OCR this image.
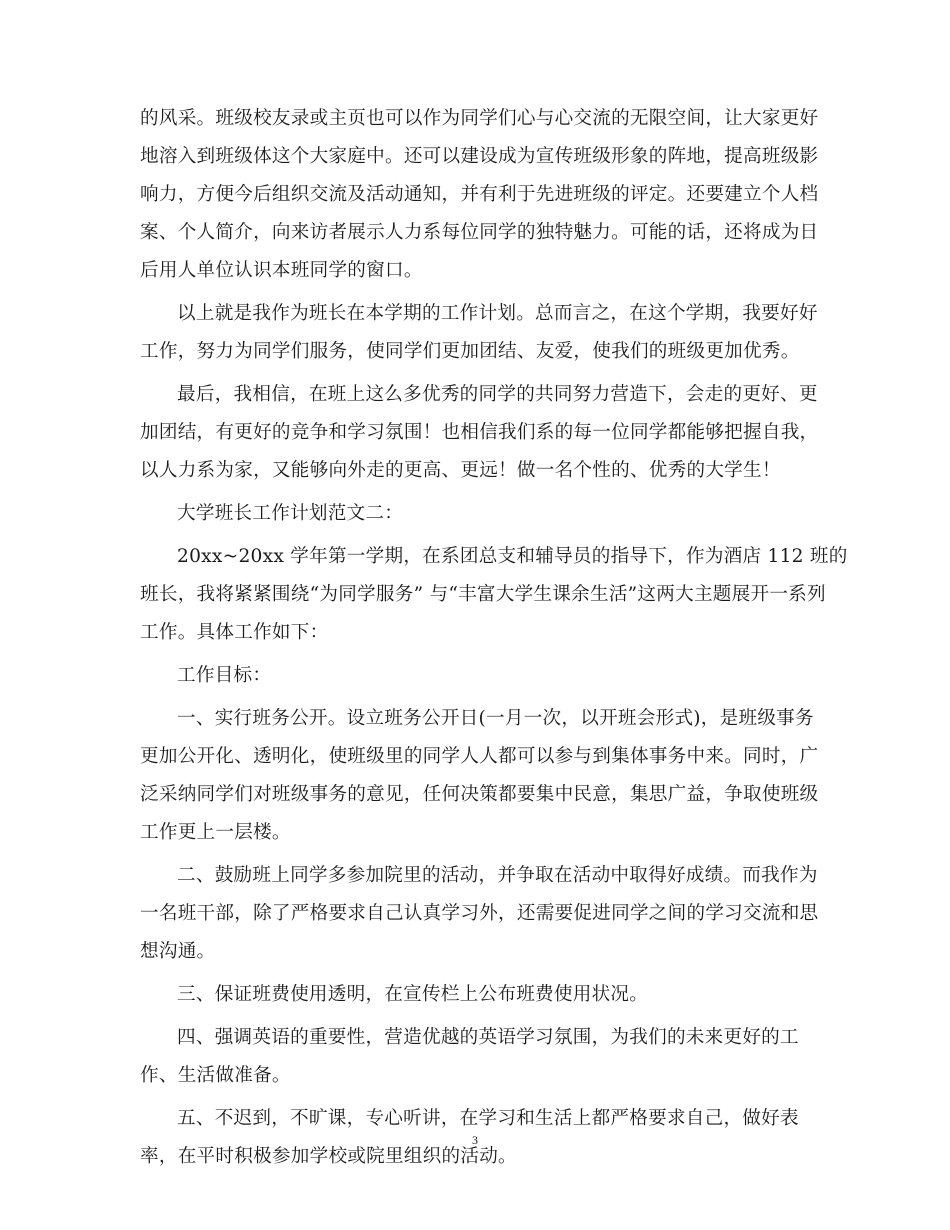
的风采。班级校友录或主页也可以作为同学们心与心交流的无限空间，让大家更好
地溶入到班级体这个大家庭中。还可以建设成为宣传班级形象的阵地，提高班级影
响力，方便今后组织交流及活动通知，并有利于先进班级的评定。还要建立个人档
案、个人简介，向来访者展示人力系每位同学的独特魅力。可能的话，还将成为日
后用人单位认识本班同学的窗口。
以上就是我作为班长在本学期的工作计划。总而言之，在这个学期，我要好好
工作，努力为同学们服务，使同学们更加团结、友爱，使我们的班级更加优秀。
最后，我相信，在班上这么多优秀的同学的共同努力营造下，会走的更好、更
加团结，有更好的竞争和学习氛围！也相信我们系的每一位同学都能够把握自我，
以人力系为家，又能够向外走的更高、更远！做一名个性的、优秀的大学生！
大学班长工作计划范文二：
20xx~20xx 学年第一学期，在系团总支和辅导员的指导下，作为酒店 112 班的
班长，我将紧紧围绕“为同学服务” 与“丰富大学生课余生活”这两大主题展开一系列
工作。具体工作如下：
工作目标：
一、实行班务公开。设立班务公开日(一月一次，以开班会形式)，是班级事务
更加公开化、透明化，使班级里的同学人人都可以参与到集体事务中来。同时，广
泛采纳同学们对班级事务的意见，任何决策都要集中民意，集思广益，争取使班级
工作更上一层楼。
二、鼓励班上同学多参加院里的活动，并争取在活动中取得好成绩。而我作为
一名班干部，除了严格要求自己认真学习外，还需要促进同学之间的学习交流和思
想沟通。
三、保证班费使用透明，在宣传栏上公布班费使用状况。
四、强调英语的重要性，营造优越的英语学习氛围，为我们的未来更好的工
作、生活做准备。
五、不迟到，不旷课，专心听讲，在学习和生活上都严格要求自己，做好表
率，在平时积极参加学校或院里组织的活动。
3
